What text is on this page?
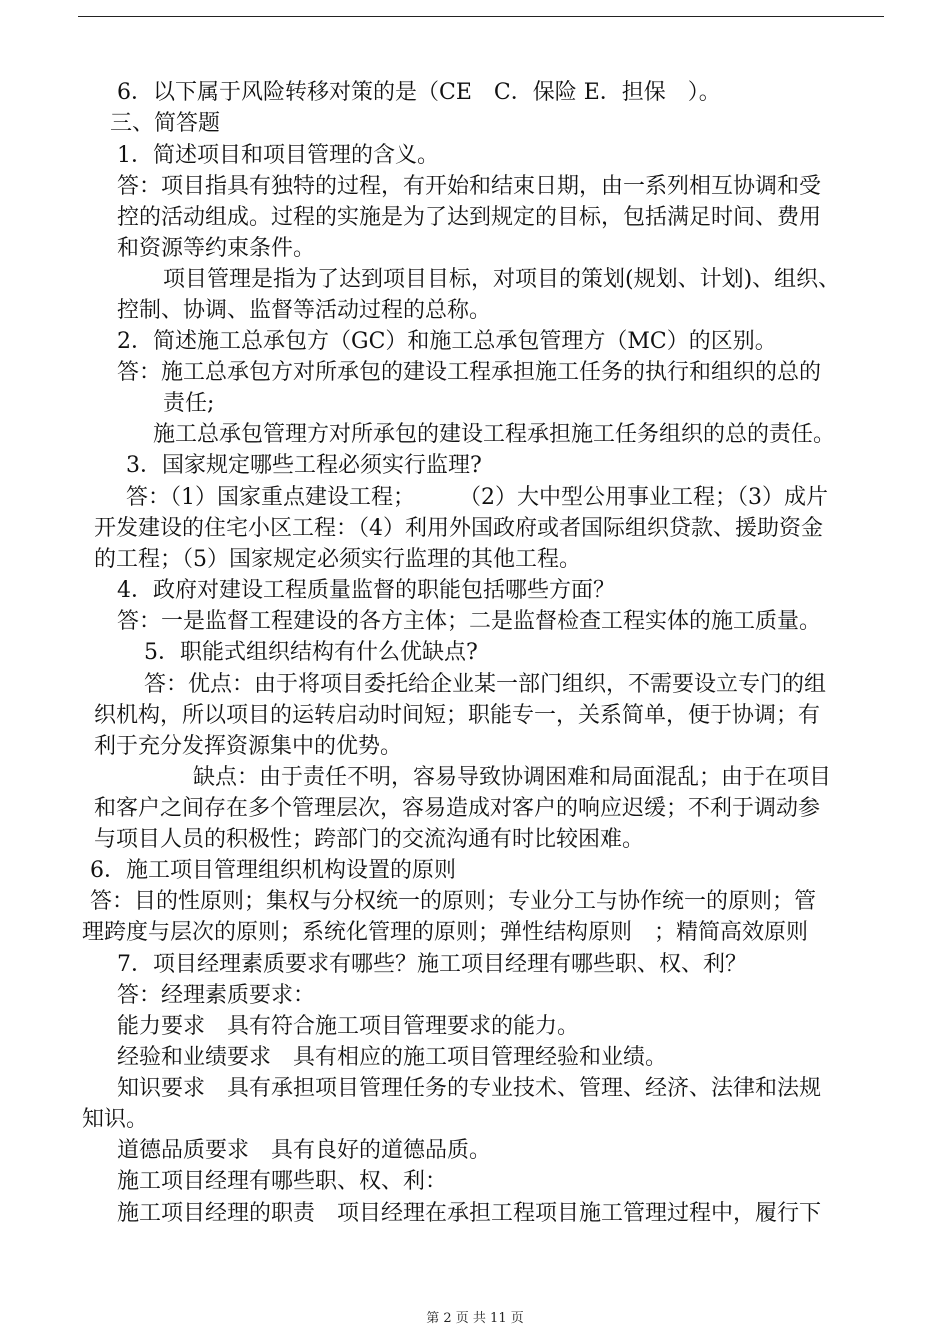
6．以下属于风险转移对策的是（CE　C．保险 E．担保　）。
三、简答题
1．简述项目和项目管理的含义。
答：项目指具有独特的过程，有开始和结束日期，由一系列相互协调和受
控的活动组成。过程的实施是为了达到规定的目标，包括满足时间、费用
和资源等约束条件。
项目管理是指为了达到项目目标，对项目的策划(规划、计划)、组织、
控制、协调、监督等活动过程的总称。
2．简述施工总承包方（GC）和施工总承包管理方（MC）的区别。
答：施工总承包方对所承包的建设工程承担施工任务的执行和组织的总的
责任;
施工总承包管理方对所承包的建设工程承担施工任务组织的总的责任。
3．国家规定哪些工程必须实行监理?
答：（1）国家重点建设工程；　　　（2）大中型公用事业工程；（3）成片
开发建设的住宅小区工程：（4）利用外国政府或者国际组织贷款、援助资金
的工程；（5）国家规定必须实行监理的其他工程。
4．政府对建设工程质量监督的职能包括哪些方面？
答：一是监督工程建设的各方主体；二是监督检查工程实体的施工质量。
5．职能式组织结构有什么优缺点?
答：优点：由于将项目委托给企业某一部门组织，不需要设立专门的组
织机构，所以项目的运转启动时间短；职能专一，关系简单，便于协调；有
利于充分发挥资源集中的优势。
缺点：由于责任不明，容易导致协调困难和局面混乱；由于在项目
和客户之间存在多个管理层次，容易造成对客户的响应迟缓；不利于调动参
与项目人员的积极性；跨部门的交流沟通有时比较困难。
6．施工项目管理组织机构设置的原则
答：目的性原则；集权与分权统一的原则；专业分工与协作统一的原则；管
理跨度与层次的原则；系统化管理的原则；弹性结构原则　；精简高效原则
7．项目经理素质要求有哪些？施工项目经理有哪些职、权、利？
答：经理素质要求：
能力要求　具有符合施工项目管理要求的能力。
经验和业绩要求　具有相应的施工项目管理经验和业绩。
知识要求　具有承担项目管理任务的专业技术、管理、经济、法律和法规
知识。
道德品质要求　具有良好的道德品质。
施工项目经理有哪些职、权、利：
施工项目经理的职责　项目经理在承担工程项目施工管理过程中，履行下
第 2 页 共 11 页
